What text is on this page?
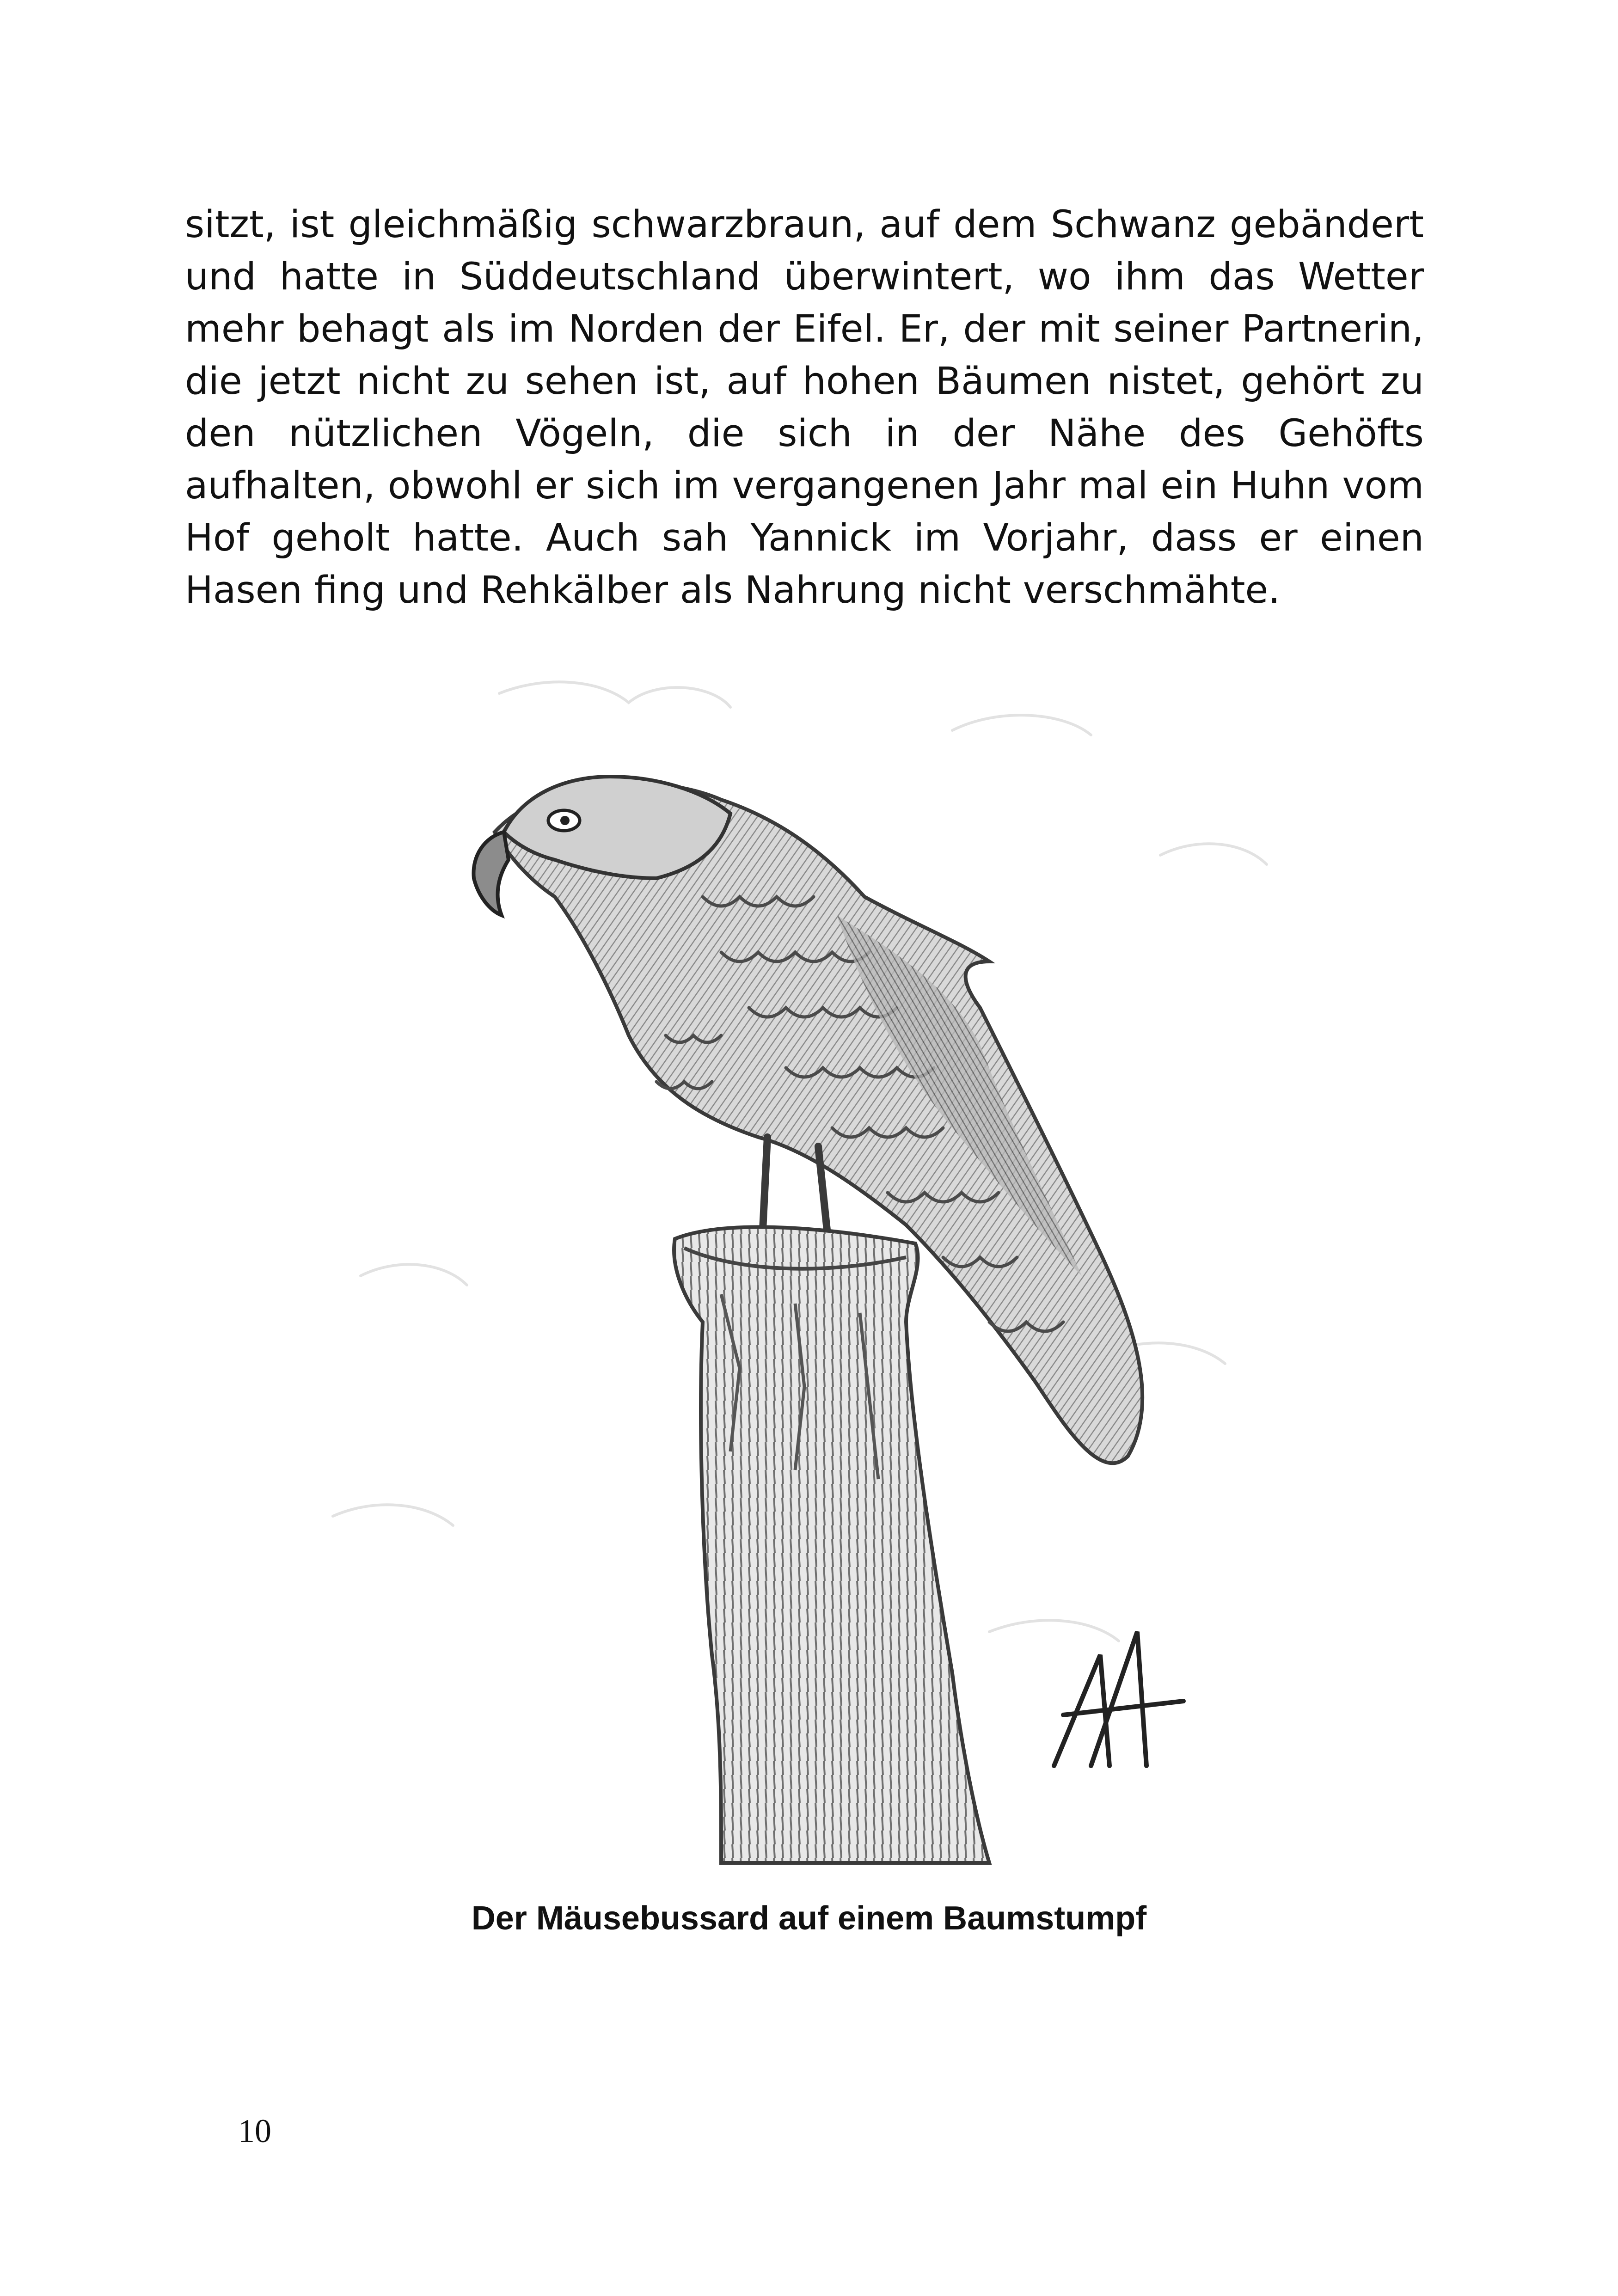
sitzt, ist gleichmäßig schwarzbraun, auf dem Schwanz gebändert und hatte in Süddeutschland überwintert, wo ihm das Wetter mehr behagt als im Norden der Eifel. Er, der mit seiner Partnerin, die jetzt nicht zu sehen ist, auf hohen Bäumen nistet, gehört zu den nützlichen Vögeln, die sich in der Nähe des Gehöfts aufhalten, obwohl er sich im vergangenen Jahr mal ein Huhn vom Hof geholt hatte. Auch sah Yannick im Vorjahr, dass er einen Hasen fing und Rehkälber als Nahrung nicht verschmähte.

Der Mäusebussard auf einem Baumstumpf
10
